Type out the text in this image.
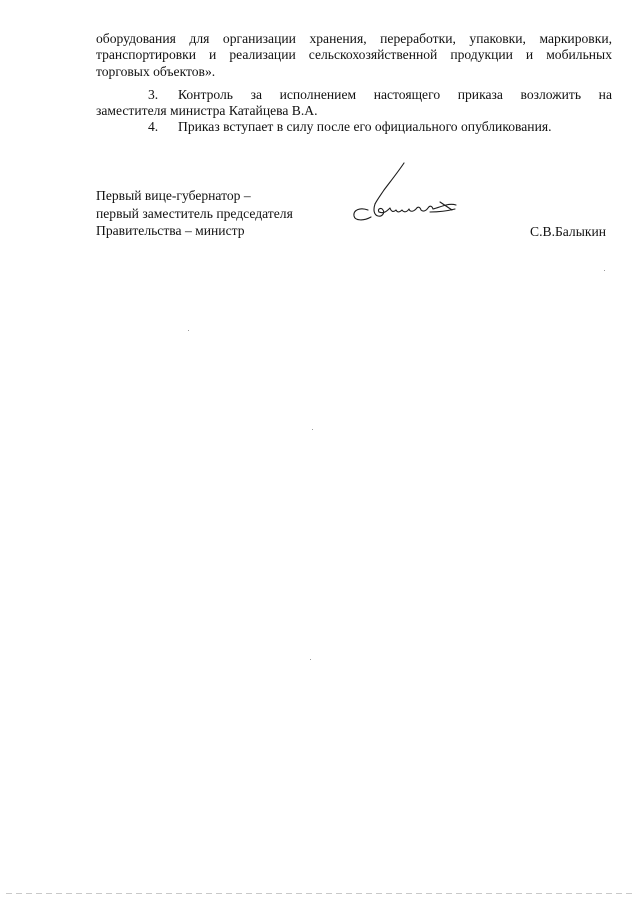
оборудования для организации хранения, переработки, упаковки, маркировки,
транспортировки и реализации сельскохозяйственной продукции и мобильных
торговых объектов».
3. Контроль за исполнением настоящего приказа возложить на
заместителя министра Катайцева В.А.
4. Приказ вступает в силу после его официального опубликования.
Первый вице-губернатор –
первый заместитель председателя
Правительства – министр	С.В.Балыкин
